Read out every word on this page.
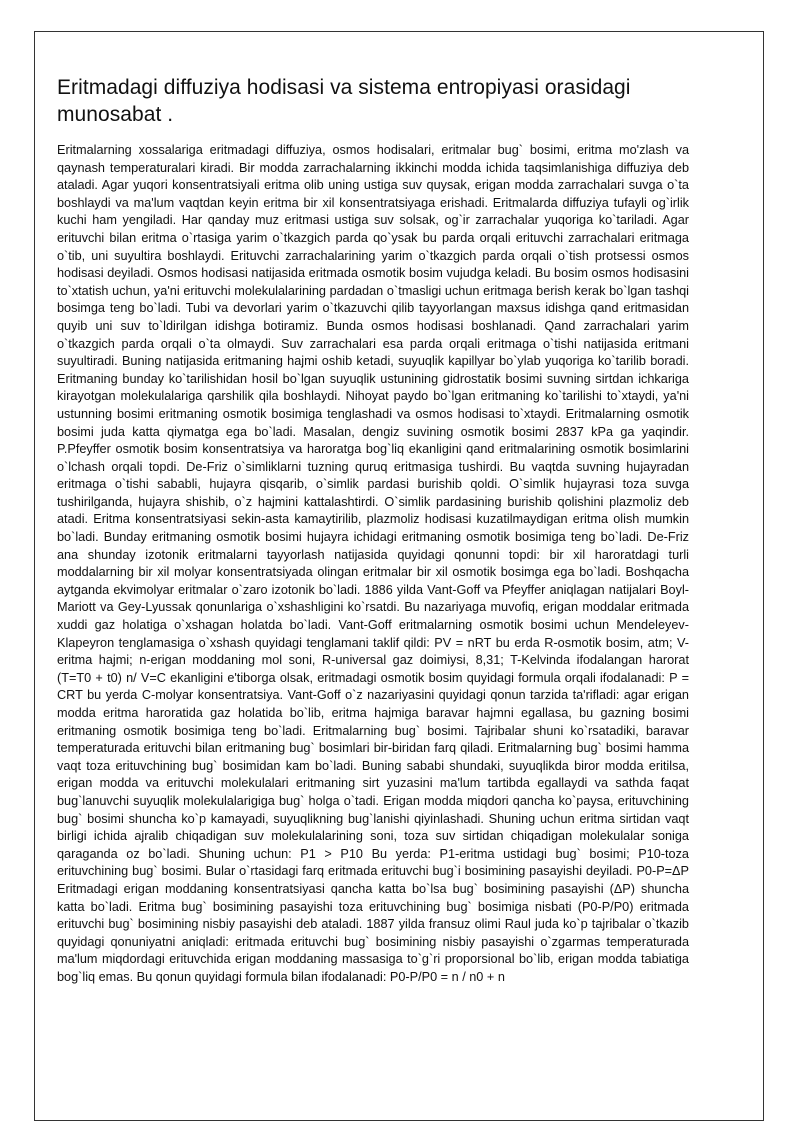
Eritmadagi diffuziya hodisasi va sistema entropiyasi orasidagi munosabat .

Eritmalarning xossalariga eritmadagi diffuziya, osmos hodisalari, eritmalar bug` bosimi, eritma mo'zlash va qaynash temperaturalari kiradi. Bir modda zarrachalarning ikkinchi modda ichida taqsimlanishiga diffuziya deb ataladi. Agar yuqori konsentratsiyali eritma olib uning ustiga suv quysak, erigan modda zarrachalari suvga o`ta boshlaydi va ma'lum vaqtdan keyin eritma bir xil konsentratsiyaga erishadi. Eritmalarda diffuziya tufayli og`irlik kuchi ham yengiladi. Har qanday muz eritmasi ustiga suv solsak, og`ir zarrachalar yuqoriga ko`tariladi. Agar erituvchi bilan eritma o`rtasiga yarim o`tkazgich parda qo`ysak bu parda orqali erituvchi zarrachalari eritmaga o`tib, uni suyultira boshlaydi. Erituvchi zarrachalarining yarim o`tkazgich parda orqali o`tish protsessi osmos hodisasi deyiladi. Osmos hodisasi natijasida eritmada osmotik bosim vujudga keladi. Bu bosim osmos hodisasini to`xtatish uchun, ya'ni erituvchi molekulalarining pardadan o`tmasligi uchun eritmaga berish kerak bo`lgan tashqi bosimga teng bo`ladi. Tubi va devorlari yarim o`tkazuvchi qilib tayyorlangan maxsus idishga qand eritmasidan quyib uni suv to`ldirilgan idishga botiramiz. Bunda osmos hodisasi boshlanadi. Qand zarrachalari yarim o`tkazgich parda orqali o`ta olmaydi. Suv zarrachalari esa parda orqali eritmaga o`tishi natijasida eritmani suyultiradi. Buning natijasida eritmaning hajmi oshib ketadi, suyuqlik kapillyar bo`ylab yuqoriga ko`tarilib boradi. Eritmaning bunday ko`tarilishidan hosil bo`lgan suyuqlik ustunining gidrostatik bosimi suvning sirtdan ichkariga kirayotgan molekulalariga qarshilik qila boshlaydi. Nihoyat paydo bo`lgan eritmaning ko`tarilishi to`xtaydi, ya'ni ustunning bosimi eritmaning osmotik bosimiga tenglashadi va osmos hodisasi to`xtaydi. Eritmalarning osmotik bosimi juda katta qiymatga ega bo`ladi. Masalan, dengiz suvining osmotik bosimi 2837 kPa ga yaqindir. P.Pfeyffer osmotik bosim konsentratsiya va haroratga bog`liq ekanligini qand eritmalarining osmotik bosimlarini o`lchash orqali topdi. De-Friz o`simliklarni tuzning quruq eritmasiga tushirdi. Bu vaqtda suvning hujayradan eritmaga o`tishi sababli, hujayra qisqarib, o`simlik pardasi burishib qoldi. O`simlik hujayrasi toza suvga tushirilganda, hujayra shishib, o`z hajmini kattalashtirdi. O`simlik pardasining burishib qolishini plazmoliz deb atadi. Eritma konsentratsiyasi sekin-asta kamaytirilib, plazmoliz hodisasi kuzatilmaydigan eritma olish mumkin bo`ladi. Bunday eritmaning osmotik bosimi hujayra ichidagi eritmaning osmotik bosimiga teng bo`ladi. De-Friz ana shunday izotonik eritmalarni tayyorlash natijasida quyidagi qonunni topdi: bir xil haroratdagi turli moddalarning bir xil molyar konsentratsiyada olingan eritmalar bir xil osmotik bosimga ega bo`ladi. Boshqacha aytganda ekvimolyar eritmalar o`zaro izotonik bo`ladi. 1886 yilda Vant-Goff va Pfeyffer aniqlagan natijalari Boyl-Mariott va Gey-Lyussak qonunlariga o`xshashligini ko`rsatdi. Bu nazariyaga muvofiq, erigan moddalar eritmada xuddi gaz holatiga o`xshagan holatda bo`ladi. Vant-Goff eritmalarning osmotik bosimi uchun Mendeleyev-Klapeyron tenglamasiga o`xshash quyidagi tenglamani taklif qildi: PV = nRT bu erda R-osmotik bosim, atm; V-eritma hajmi; n-erigan moddaning mol soni, R-universal gaz doimiysi, 8,31; T-Kelvinda ifodalangan harorat (T=T0 + t0) n/ V=C ekanligini e'tiborga olsak, eritmadagi osmotik bosim quyidagi formula orqali ifodalanadi: P = CRT bu yerda C-molyar konsentratsiya. Vant-Goff o`z nazariyasini quyidagi qonun tarzida ta'rifladi: agar erigan modda eritma haroratida gaz holatida bo`lib, eritma hajmiga baravar hajmni egallasa, bu gazning bosimi eritmaning osmotik bosimiga teng bo`ladi. Eritmalarning bug` bosimi. Tajribalar shuni ko`rsatadiki, baravar temperaturada erituvchi bilan eritmaning bug` bosimlari bir-biridan farq qiladi. Eritmalarning bug` bosimi hamma vaqt toza erituvchining bug` bosimidan kam bo`ladi. Buning sababi shundaki, suyuqlikda biror modda eritilsa, erigan modda va erituvchi molekulalari eritmaning sirt yuzasini ma'lum tartibda egallaydi va sathda faqat bug`lanuvchi suyuqlik molekulalarigiga bug` holga o`tadi. Erigan modda miqdori qancha ko`paysa, erituvchining bug` bosimi shuncha ko`p kamayadi, suyuqlikning bug`lanishi qiyinlashadi. Shuning uchun eritma sirtidan vaqt birligi ichida ajralib chiqadigan suv molekulalarining soni, toza suv sirtidan chiqadigan molekulalar soniga qaraganda oz bo`ladi. Shuning uchun: P1 > P10 Bu yerda: P1-eritma ustidagi bug` bosimi; P10-toza erituvchining bug` bosimi. Bular o`rtasidagi farq eritmada erituvchi bug`i bosimining pasayishi deyiladi. P0-P=ΔP Eritmadagi erigan moddaning konsentratsiyasi qancha katta bo`lsa bug` bosimining pasayishi (ΔP) shuncha katta bo`ladi. Eritma bug` bosimining pasayishi toza erituvchining bug` bosimiga nisbati (P0-P/P0) eritmada erituvchi bug` bosimining nisbiy pasayishi deb ataladi. 1887 yilda fransuz olimi Raul juda ko`p tajribalar o`tkazib quyidagi qonuniyatni aniqladi: eritmada erituvchi bug` bosimining nisbiy pasayishi o`zgarmas temperaturada ma'lum miqdordagi erituvchida erigan moddaning massasiga to`g`ri proporsional bo`lib, erigan modda tabiatiga bog`liq emas. Bu qonun quyidagi formula bilan ifodalanadi: P0-P/P0 = n / n0 + n
